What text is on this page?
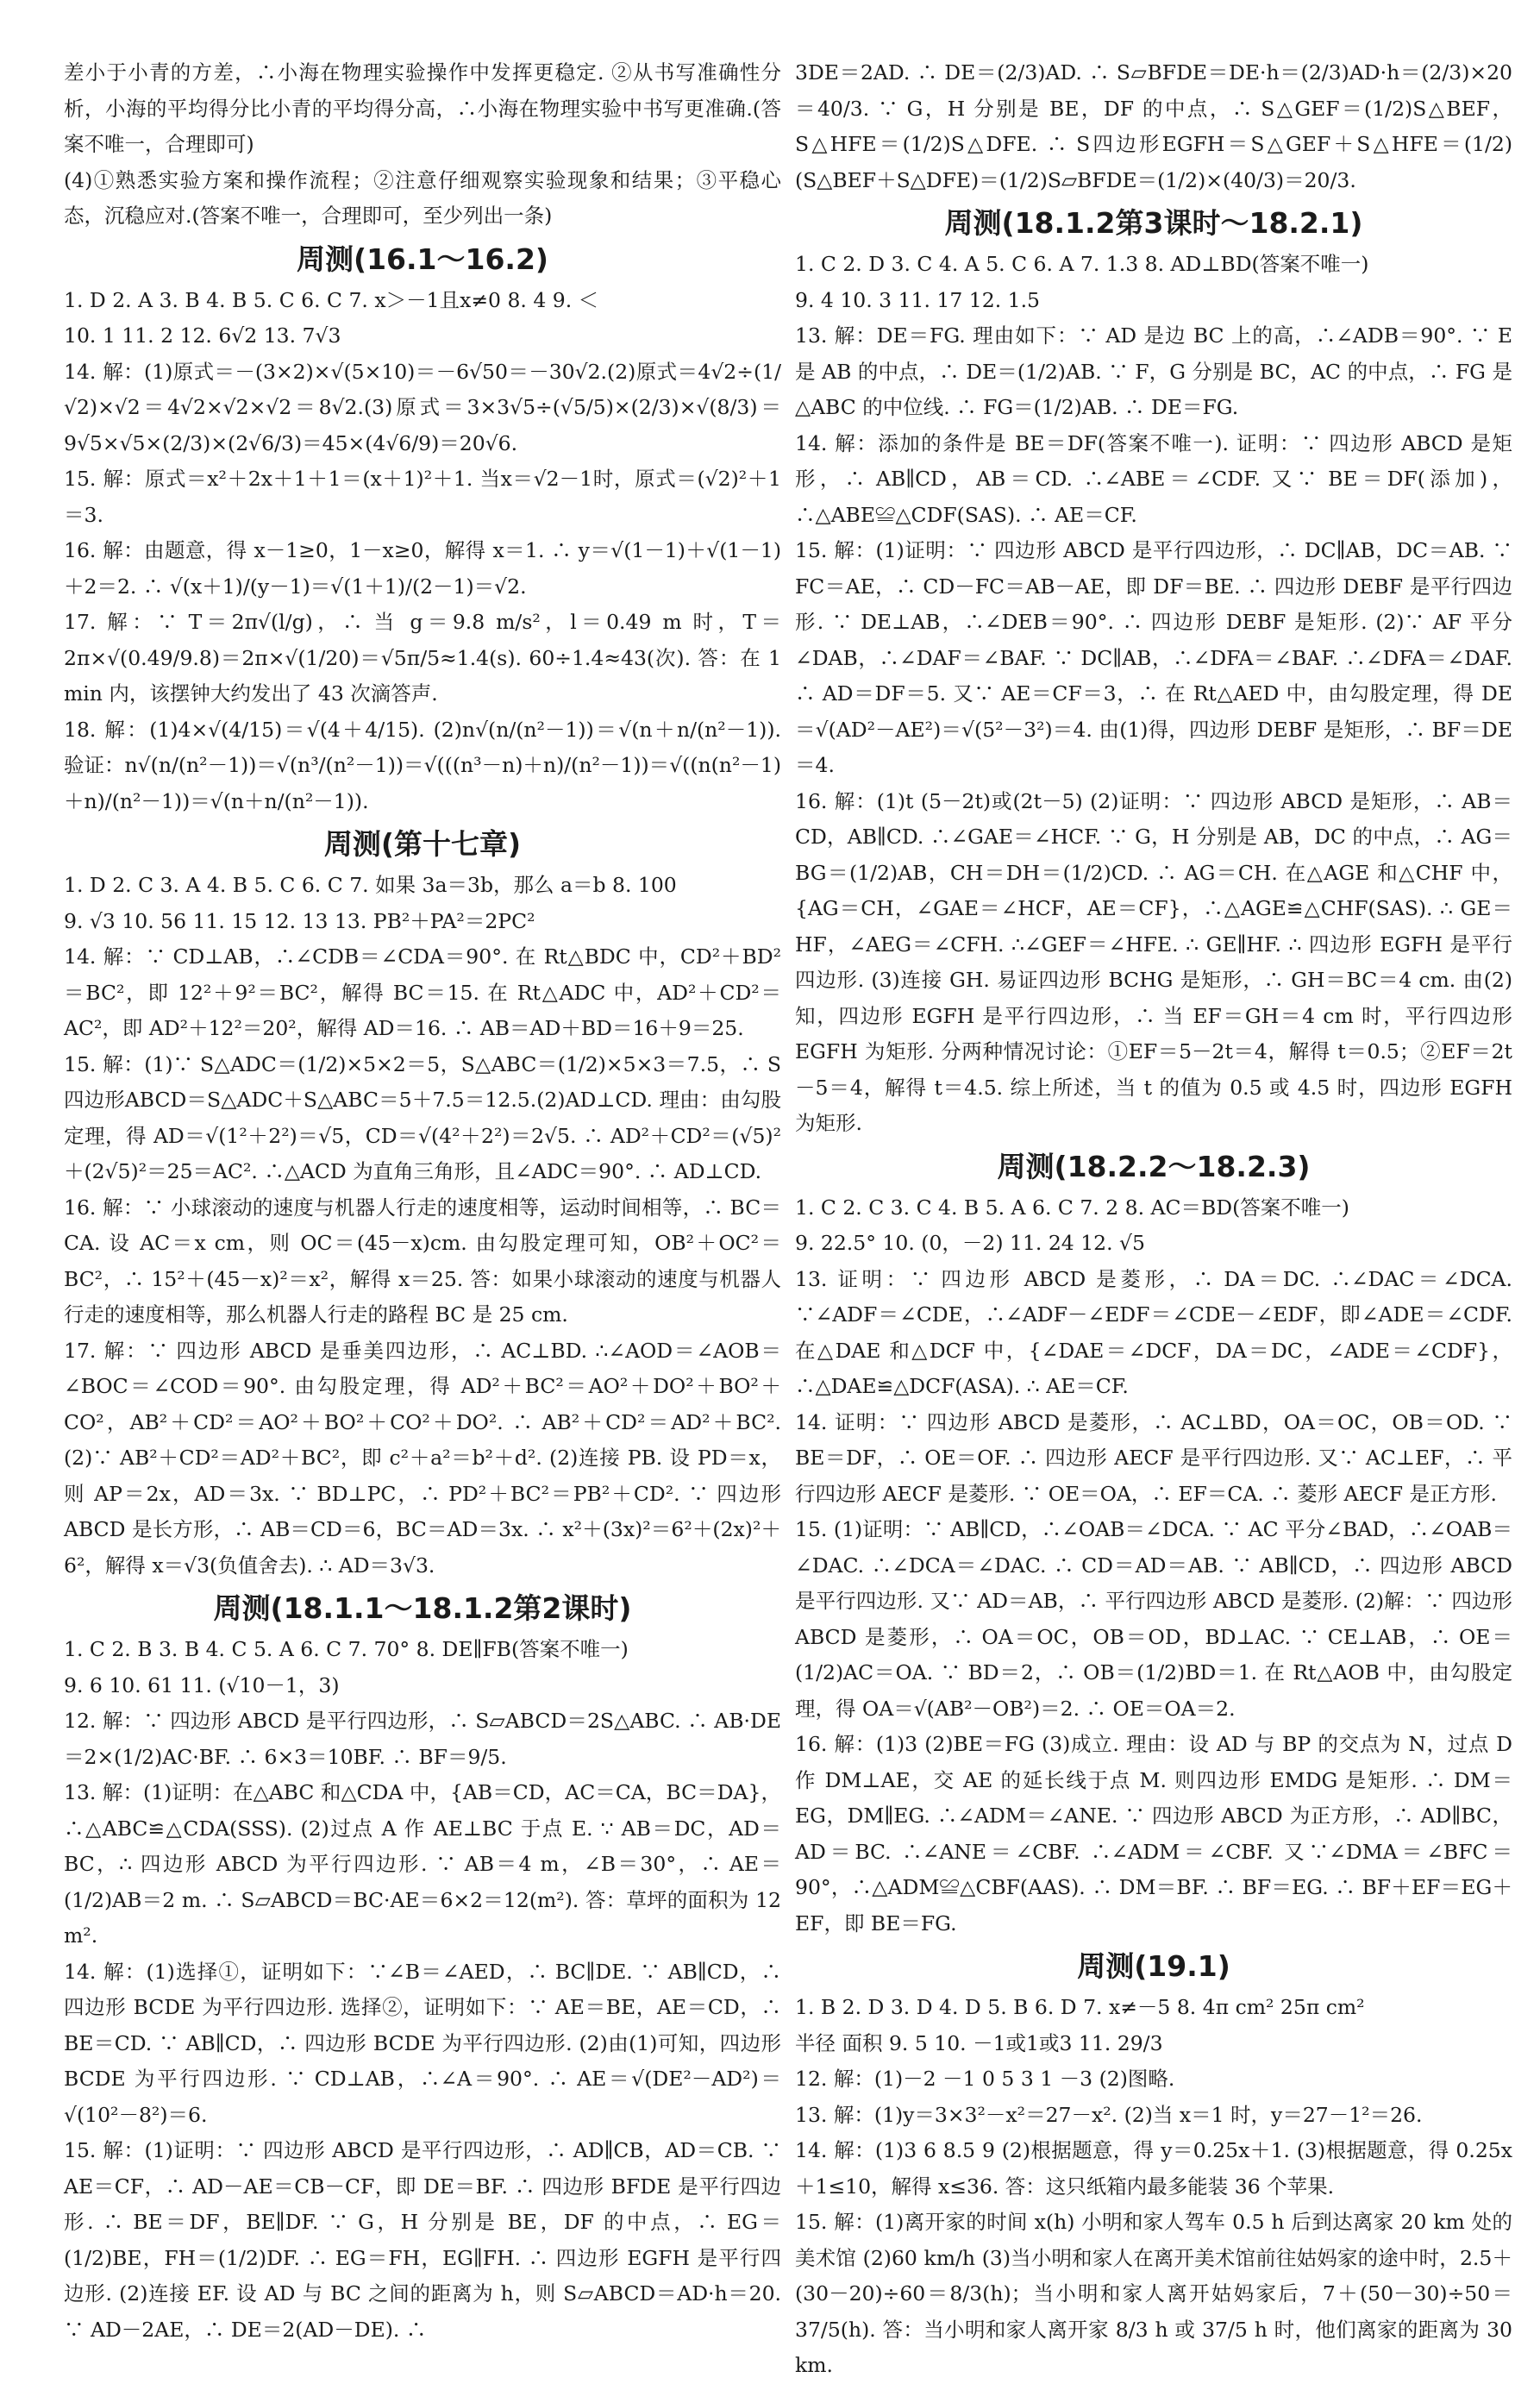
差小于小青的方差，∴小海在物理实验操作中发挥更稳定. ②从书写准确性分析，小海的平均得分比小青的平均得分高，∴小海在物理实验中书写更准确.(答案不唯一，合理即可)

(4)①熟悉实验方案和操作流程；②注意仔细观察实验现象和结果；③平稳心态，沉稳应对.(答案不唯一，合理即可，至少列出一条)

周测(16.1～16.2)

1. D 2. A 3. B 4. B 5. C 6. C 7. x＞－1且x≠0 8. 4 9. ＜

10. 1 11. 2 12. 6√2 13. 7√3

14. 解：(1)原式＝－(3×2)×√(5×10)＝－6√50＝－30√2.(2)原式＝4√2÷(1/√2)×√2＝4√2×√2×√2＝8√2.(3)原式＝3×3√5÷(√5/5)×(2/3)×√(8/3)＝9√5×√5×(2/3)×(2√6/3)＝45×(4√6/9)＝20√6.

15. 解：原式＝x²＋2x＋1＋1＝(x＋1)²＋1. 当x＝√2－1时，原式＝(√2)²＋1＝3.

16. 解：由题意，得 x－1≥0，1－x≥0，解得 x＝1. ∴ y＝√(1－1)＋√(1－1)＋2＝2. ∴ √(x＋1)/(y－1)＝√(1＋1)/(2－1)＝√2.

17. 解：∵ T＝2π√(l/g)，∴ 当 g＝9.8 m/s²，l＝0.49 m 时，T＝2π×√(0.49/9.8)＝2π×√(1/20)＝√5π/5≈1.4(s). 60÷1.4≈43(次). 答：在 1 min 内，该摆钟大约发出了 43 次滴答声.

18. 解：(1)4×√(4/15)＝√(4＋4/15). (2)n√(n/(n²－1))＝√(n＋n/(n²－1)). 验证：n√(n/(n²－1))＝√(n³/(n²－1))＝√(((n³－n)＋n)/(n²－1))＝√((n(n²－1)＋n)/(n²－1))＝√(n＋n/(n²－1)).

周测(第十七章)

1. D 2. C 3. A 4. B 5. C 6. C 7. 如果 3a＝3b，那么 a＝b 8. 100

9. √3 10. 56 11. 15 12. 13 13. PB²＋PA²＝2PC²

14. 解：∵ CD⊥AB，∴∠CDB＝∠CDA＝90°. 在 Rt△BDC 中，CD²＋BD²＝BC²，即 12²＋9²＝BC²，解得 BC＝15. 在 Rt△ADC 中，AD²＋CD²＝AC²，即 AD²＋12²＝20²，解得 AD＝16. ∴ AB＝AD＋BD＝16＋9＝25.

15. 解：(1)∵ S△ADC＝(1/2)×5×2＝5，S△ABC＝(1/2)×5×3＝7.5，∴ S四边形ABCD＝S△ADC＋S△ABC＝5＋7.5＝12.5.(2)AD⊥CD. 理由：由勾股定理，得 AD＝√(1²＋2²)＝√5，CD＝√(4²＋2²)＝2√5. ∴ AD²＋CD²＝(√5)²＋(2√5)²＝25＝AC². ∴△ACD 为直角三角形，且∠ADC＝90°. ∴ AD⊥CD.

16. 解：∵ 小球滚动的速度与机器人行走的速度相等，运动时间相等，∴ BC＝CA. 设 AC＝x cm，则 OC＝(45－x)cm. 由勾股定理可知，OB²＋OC²＝BC²，∴ 15²＋(45－x)²＝x²，解得 x＝25. 答：如果小球滚动的速度与机器人行走的速度相等，那么机器人行走的路程 BC 是 25 cm.

17. 解：∵ 四边形 ABCD 是垂美四边形，∴ AC⊥BD. ∴∠AOD＝∠AOB＝∠BOC＝∠COD＝90°. 由勾股定理，得 AD²＋BC²＝AO²＋DO²＋BO²＋CO²，AB²＋CD²＝AO²＋BO²＋CO²＋DO². ∴ AB²＋CD²＝AD²＋BC². (2)∵ AB²＋CD²＝AD²＋BC²，即 c²＋a²＝b²＋d². (2)连接 PB. 设 PD＝x，则 AP＝2x，AD＝3x. ∵ BD⊥PC，∴ PD²＋BC²＝PB²＋CD². ∵ 四边形 ABCD 是长方形，∴ AB＝CD＝6，BC＝AD＝3x. ∴ x²＋(3x)²＝6²＋(2x)²＋6²，解得 x＝√3(负值舍去). ∴ AD＝3√3.

周测(18.1.1～18.1.2第2课时)

1. C 2. B 3. B 4. C 5. A 6. C 7. 70° 8. DE∥FB(答案不唯一)

9. 6 10. 61 11. (√10－1，3)

12. 解：∵ 四边形 ABCD 是平行四边形，∴ S▱ABCD＝2S△ABC. ∴ AB·DE＝2×(1/2)AC·BF. ∴ 6×3＝10BF. ∴ BF＝9/5.

13. 解：(1)证明：在△ABC 和△CDA 中，{AB＝CD，AC＝CA，BC＝DA}，∴△ABC≌△CDA(SSS). (2)过点 A 作 AE⊥BC 于点 E. ∵ AB＝DC，AD＝BC，∴ 四边形 ABCD 为平行四边形. ∵ AB＝4 m，∠B＝30°，∴ AE＝(1/2)AB＝2 m. ∴ S▱ABCD＝BC·AE＝6×2＝12(m²). 答：草坪的面积为 12 m².

14. 解：(1)选择①，证明如下：∵∠B＝∠AED，∴ BC∥DE. ∵ AB∥CD，∴ 四边形 BCDE 为平行四边形. 选择②，证明如下：∵ AE＝BE，AE＝CD，∴ BE＝CD. ∵ AB∥CD，∴ 四边形 BCDE 为平行四边形. (2)由(1)可知，四边形 BCDE 为平行四边形. ∵ CD⊥AB，∴∠A＝90°. ∴ AE＝√(DE²－AD²)＝√(10²－8²)＝6.

15. 解：(1)证明：∵ 四边形 ABCD 是平行四边形，∴ AD∥CB，AD＝CB. ∵ AE＝CF，∴ AD－AE＝CB－CF，即 DE＝BF. ∴ 四边形 BFDE 是平行四边形. ∴ BE＝DF，BE∥DF. ∵ G，H 分别是 BE，DF 的中点，∴ EG＝(1/2)BE，FH＝(1/2)DF. ∴ EG＝FH，EG∥FH. ∴ 四边形 EGFH 是平行四边形. (2)连接 EF. 设 AD 与 BC 之间的距离为 h，则 S▱ABCD＝AD·h＝20. ∵ AD－2AE，∴ DE＝2(AD－DE). ∴

3DE＝2AD. ∴ DE＝(2/3)AD. ∴ S▱BFDE＝DE·h＝(2/3)AD·h＝(2/3)×20＝40/3. ∵ G，H 分别是 BE，DF 的中点，∴ S△GEF＝(1/2)S△BEF，S△HFE＝(1/2)S△DFE. ∴ S四边形EGFH＝S△GEF＋S△HFE＝(1/2)(S△BEF＋S△DFE)＝(1/2)S▱BFDE＝(1/2)×(40/3)＝20/3.

周测(18.1.2第3课时～18.2.1)

1. C 2. D 3. C 4. A 5. C 6. A 7. 1.3 8. AD⊥BD(答案不唯一)

9. 4 10. 3 11. 17 12. 1.5

13. 解：DE＝FG. 理由如下：∵ AD 是边 BC 上的高，∴∠ADB＝90°. ∵ E 是 AB 的中点，∴ DE＝(1/2)AB. ∵ F，G 分别是 BC，AC 的中点，∴ FG 是△ABC 的中位线. ∴ FG＝(1/2)AB. ∴ DE＝FG.

14. 解：添加的条件是 BE＝DF(答案不唯一). 证明：∵ 四边形 ABCD 是矩形，∴ AB∥CD，AB＝CD. ∴∠ABE＝∠CDF. 又∵ BE＝DF(添加)，∴△ABE≌△CDF(SAS). ∴ AE＝CF.

15. 解：(1)证明：∵ 四边形 ABCD 是平行四边形，∴ DC∥AB，DC＝AB. ∵ FC＝AE，∴ CD－FC＝AB－AE，即 DF＝BE. ∴ 四边形 DEBF 是平行四边形. ∵ DE⊥AB，∴∠DEB＝90°. ∴ 四边形 DEBF 是矩形. (2)∵ AF 平分∠DAB，∴∠DAF＝∠BAF. ∵ DC∥AB，∴∠DFA＝∠BAF. ∴∠DFA＝∠DAF. ∴ AD＝DF＝5. 又∵ AE＝CF＝3，∴ 在 Rt△AED 中，由勾股定理，得 DE＝√(AD²－AE²)＝√(5²－3²)＝4. 由(1)得，四边形 DEBF 是矩形，∴ BF＝DE＝4.

16. 解：(1)t (5－2t)或(2t－5) (2)证明：∵ 四边形 ABCD 是矩形，∴ AB＝CD，AB∥CD. ∴∠GAE＝∠HCF. ∵ G，H 分别是 AB，DC 的中点，∴ AG＝BG＝(1/2)AB，CH＝DH＝(1/2)CD. ∴ AG＝CH. 在△AGE 和△CHF 中，{AG＝CH，∠GAE＝∠HCF，AE＝CF}，∴△AGE≌△CHF(SAS). ∴ GE＝HF，∠AEG＝∠CFH. ∴∠GEF＝∠HFE. ∴ GE∥HF. ∴ 四边形 EGFH 是平行四边形. (3)连接 GH. 易证四边形 BCHG 是矩形，∴ GH＝BC＝4 cm. 由(2)知，四边形 EGFH 是平行四边形，∴ 当 EF＝GH＝4 cm 时，平行四边形 EGFH 为矩形. 分两种情况讨论：①EF＝5－2t＝4，解得 t＝0.5；②EF＝2t－5＝4，解得 t＝4.5. 综上所述，当 t 的值为 0.5 或 4.5 时，四边形 EGFH 为矩形.

周测(18.2.2～18.2.3)

1. C 2. C 3. C 4. B 5. A 6. C 7. 2 8. AC＝BD(答案不唯一)

9. 22.5° 10. (0，－2) 11. 24 12. √5

13. 证明：∵ 四边形 ABCD 是菱形，∴ DA＝DC. ∴∠DAC＝∠DCA. ∵∠ADF＝∠CDE，∴∠ADF－∠EDF＝∠CDE－∠EDF，即∠ADE＝∠CDF. 在△DAE 和△DCF 中，{∠DAE＝∠DCF，DA＝DC，∠ADE＝∠CDF}，∴△DAE≌△DCF(ASA). ∴ AE＝CF.

14. 证明：∵ 四边形 ABCD 是菱形，∴ AC⊥BD，OA＝OC，OB＝OD. ∵ BE＝DF，∴ OE＝OF. ∴ 四边形 AECF 是平行四边形. 又∵ AC⊥EF，∴ 平行四边形 AECF 是菱形. ∵ OE＝OA，∴ EF＝CA. ∴ 菱形 AECF 是正方形.

15. (1)证明：∵ AB∥CD，∴∠OAB＝∠DCA. ∵ AC 平分∠BAD，∴∠OAB＝∠DAC. ∴∠DCA＝∠DAC. ∴ CD＝AD＝AB. ∵ AB∥CD，∴ 四边形 ABCD 是平行四边形. 又∵ AD＝AB，∴ 平行四边形 ABCD 是菱形. (2)解：∵ 四边形 ABCD 是菱形，∴ OA＝OC，OB＝OD，BD⊥AC. ∵ CE⊥AB，∴ OE＝(1/2)AC＝OA. ∵ BD＝2，∴ OB＝(1/2)BD＝1. 在 Rt△AOB 中，由勾股定理，得 OA＝√(AB²－OB²)＝2. ∴ OE＝OA＝2.

16. 解：(1)3 (2)BE＝FG (3)成立. 理由：设 AD 与 BP 的交点为 N，过点 D 作 DM⊥AE，交 AE 的延长线于点 M. 则四边形 EMDG 是矩形. ∴ DM＝EG，DM∥EG. ∴∠ADM＝∠ANE. ∵ 四边形 ABCD 为正方形，∴ AD∥BC，AD＝BC. ∴∠ANE＝∠CBF. ∴∠ADM＝∠CBF. 又∵∠DMA＝∠BFC＝90°，∴△ADM≌△CBF(AAS). ∴ DM＝BF. ∴ BF＝EG. ∴ BF＋EF＝EG＋EF，即 BE＝FG.

周测(19.1)

1. B 2. D 3. D 4. D 5. B 6. D 7. x≠－5 8. 4π cm² 25π cm²

半径 面积 9. 5 10. －1或1或3 11. 29/3

12. 解：(1)－2 －1 0 5 3 1 －3 (2)图略.

13. 解：(1)y＝3×3²－x²＝27－x². (2)当 x＝1 时，y＝27－1²＝26.

14. 解：(1)3 6 8.5 9 (2)根据题意，得 y＝0.25x＋1. (3)根据题意，得 0.25x＋1≤10，解得 x≤36. 答：这只纸箱内最多能装 36 个苹果.

15. 解：(1)离开家的时间 x(h) 小明和家人驾车 0.5 h 后到达离家 20 km 处的美术馆 (2)60 km/h (3)当小明和家人在离开美术馆前往姑妈家的途中时，2.5＋(30－20)÷60＝8/3(h)；当小明和家人离开姑妈家后，7＋(50－30)÷50＝37/5(h). 答：当小明和家人离开家 8/3 h 或 37/5 h 时，他们离家的距离为 30 km.
